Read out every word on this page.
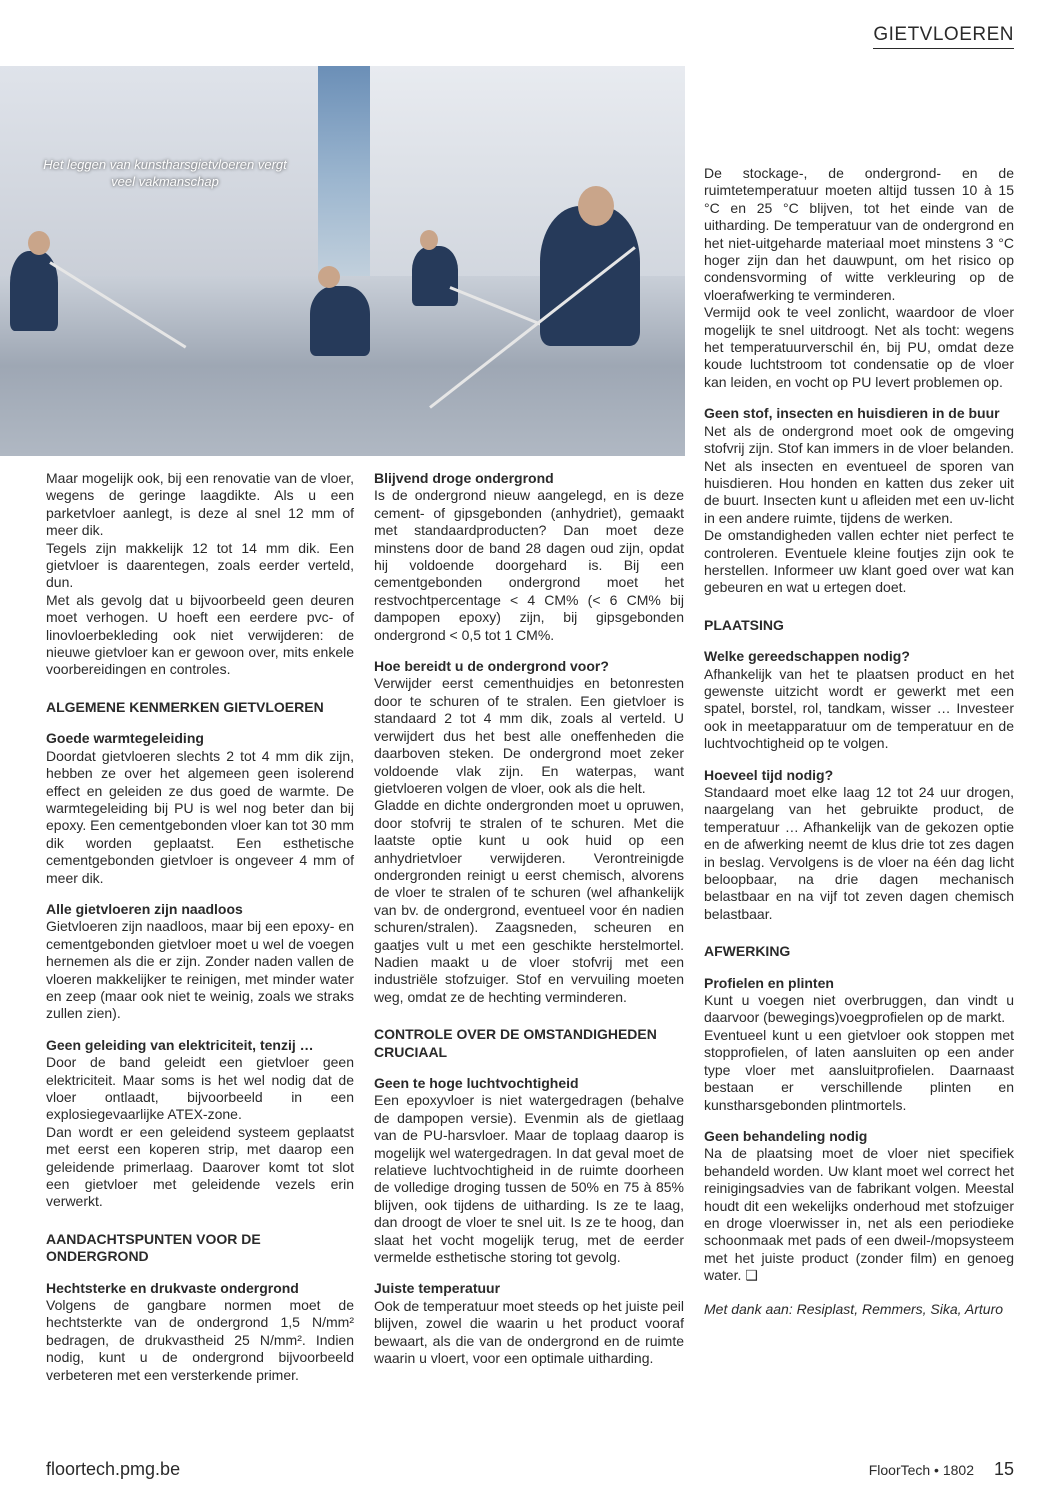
GIETVLOEREN
Het leggen van kunstharsgietvloeren vergt veel vakmanschap

Maar mogelijk ook, bij een renovatie van de vloer, wegens de geringe laagdikte. Als u een parketvloer aanlegt, is deze al snel 12 mm of meer dik.

Tegels zijn makkelijk 12 tot 14 mm dik. Een gietvloer is daarentegen, zoals eerder verteld, dun.

Met als gevolg dat u bijvoorbeeld geen deuren moet verhogen. U hoeft een eerdere pvc- of linovloerbekleding ook niet verwijderen: de nieuwe gietvloer kan er gewoon over, mits enkele voorbereidingen en controles.

ALGEMENE KENMERKEN GIETVLOEREN
Goede warmtegeleiding

Doordat gietvloeren slechts 2 tot 4 mm dik zijn, hebben ze over het algemeen geen isolerend effect en geleiden ze dus goed de warmte. De warmtegeleiding bij PU is wel nog beter dan bij epoxy. Een cementgebonden vloer kan tot 30 mm dik worden geplaatst. Een esthetische cementgebonden gietvloer is ongeveer 4 mm of meer dik.

Alle gietvloeren zijn naadloos

Gietvloeren zijn naadloos, maar bij een epoxy- en cementgebonden gietvloer moet u wel de voegen hernemen als die er zijn. Zonder naden vallen de vloeren makkelijker te reinigen, met minder water en zeep (maar ook niet te weinig, zoals we straks zullen zien).

Geen geleiding van elektriciteit, tenzij …

Door de band geleidt een gietvloer geen elektriciteit. Maar soms is het wel nodig dat de vloer ontlaadt, bijvoorbeeld in een explosiegevaarlijke ATEX-zone.

Dan wordt er een geleidend systeem geplaatst met eerst een koperen strip, met daarop een geleidende primerlaag. Daarover komt tot slot een gietvloer met geleidende vezels erin verwerkt.

AANDACHTSPUNTEN VOOR DE ONDERGROND
Hechtsterke en drukvaste ondergrond

Volgens de gangbare normen moet de hechtsterkte van de ondergrond 1,5 N/mm² bedragen, de drukvastheid 25 N/mm². Indien nodig, kunt u de ondergrond bijvoorbeeld verbeteren met een versterkende primer.

Blijvend droge ondergrond

Is de ondergrond nieuw aangelegd, en is deze cement- of gipsgebonden (anhydriet), gemaakt met standaardproducten? Dan moet deze minstens door de band 28 dagen oud zijn, opdat hij voldoende doorgehard is. Bij een cementgebonden ondergrond moet het restvochtpercentage < 4 CM% (< 6 CM% bij dampopen epoxy) zijn, bij gipsgebonden ondergrond < 0,5 tot 1 CM%.

Hoe bereidt u de ondergrond voor?

Verwijder eerst cementhuidjes en betonresten door te schuren of te stralen. Een gietvloer is standaard 2 tot 4 mm dik, zoals al verteld. U verwijdert dus het best alle oneffenheden die daarboven steken. De ondergrond moet zeker voldoende vlak zijn. En waterpas, want gietvloeren volgen de vloer, ook als die helt.

Gladde en dichte ondergronden moet u opruwen, door stofvrij te stralen of te schuren. Met die laatste optie kunt u ook huid op een anhydrietvloer verwijderen. Verontreinigde ondergronden reinigt u eerst chemisch, alvorens de vloer te stralen of te schuren (wel afhankelijk van bv. de ondergrond, eventueel voor én nadien schuren/stralen). Zaagsneden, scheuren en gaatjes vult u met een geschikte herstelmortel. Nadien maakt u de vloer stofvrij met een industriële stofzuiger. Stof en vervuiling moeten weg, omdat ze de hechting verminderen.

CONTROLE OVER DE OMSTANDIGHEDEN CRUCIAAL
Geen te hoge luchtvochtigheid

Een epoxyvloer is niet watergedragen (behalve de dampopen versie). Evenmin als de gietlaag van de PU-harsvloer. Maar de toplaag daarop is mogelijk wel watergedragen. In dat geval moet de relatieve luchtvochtigheid in de ruimte doorheen de volledige droging tussen de 50% en 75 à 85% blijven, ook tijdens de uitharding. Is ze te laag, dan droogt de vloer te snel uit. Is ze te hoog, dan slaat het vocht mogelijk terug, met de eerder vermelde esthetische storing tot gevolg.

Juiste temperatuur

Ook de temperatuur moet steeds op het juiste peil blijven, zowel die waarin u het product vooraf bewaart, als die van de ondergrond en de ruimte waarin u vloert, voor een optimale uitharding.

De stockage-, de ondergrond- en de ruimtetemperatuur moeten altijd tussen 10 à 15 °C en 25 °C blijven, tot het einde van de uitharding. De temperatuur van de ondergrond en het niet-uitgeharde materiaal moet minstens 3 °C hoger zijn dan het dauwpunt, om het risico op condensvorming of witte verkleuring op de vloerafwerking te verminderen.

Vermijd ook te veel zonlicht, waardoor de vloer mogelijk te snel uitdroogt. Net als tocht: wegens het temperatuurverschil én, bij PU, omdat deze koude luchtstroom tot condensatie op de vloer kan leiden, en vocht op PU levert problemen op.

Geen stof, insecten en huisdieren in de buur

Net als de ondergrond moet ook de omgeving stofvrij zijn. Stof kan immers in de vloer belanden. Net als insecten en eventueel de sporen van huisdieren. Hou honden en katten dus zeker uit de buurt. Insecten kunt u afleiden met een uv-licht in een andere ruimte, tijdens de werken.

De omstandigheden vallen echter niet perfect te controleren. Eventuele kleine foutjes zijn ook te herstellen. Informeer uw klant goed over wat kan gebeuren en wat u ertegen doet.

PLAATSING
Welke gereedschappen nodig?

Afhankelijk van het te plaatsen product en het gewenste uitzicht wordt er gewerkt met een spatel, borstel, rol, tandkam, wisser … Investeer ook in meetapparatuur om de temperatuur en de luchtvochtigheid op te volgen.

Hoeveel tijd nodig?

Standaard moet elke laag 12 tot 24 uur drogen, naargelang van het gebruikte product, de temperatuur … Afhankelijk van de gekozen optie en de afwerking neemt de klus drie tot zes dagen in beslag. Vervolgens is de vloer na één dag licht beloopbaar, na drie dagen mechanisch belastbaar en na vijf tot zeven dagen chemisch belastbaar.

AFWERKING
Profielen en plinten

Kunt u voegen niet overbruggen, dan vindt u daarvoor (bewegings)voegprofielen op de markt.

Eventueel kunt u een gietvloer ook stoppen met stopprofielen, of laten aansluiten op een ander type vloer met aansluitprofielen. Daarnaast bestaan er verschillende plinten en kunstharsgebonden plintmortels.

Geen behandeling nodig

Na de plaatsing moet de vloer niet specifiek behandeld worden. Uw klant moet wel correct het reinigingsadvies van de fabrikant volgen. Meestal houdt dit een wekelijks onderhoud met stofzuiger en droge vloerwisser in, net als een periodieke schoonmaak met pads of een dweil-/mopsysteem met het juiste product (zonder film) en genoeg water. ❑

Met dank aan: Resiplast, Remmers, Sika, Arturo

floortech.pmg.be	FloorTech • 1802 15
